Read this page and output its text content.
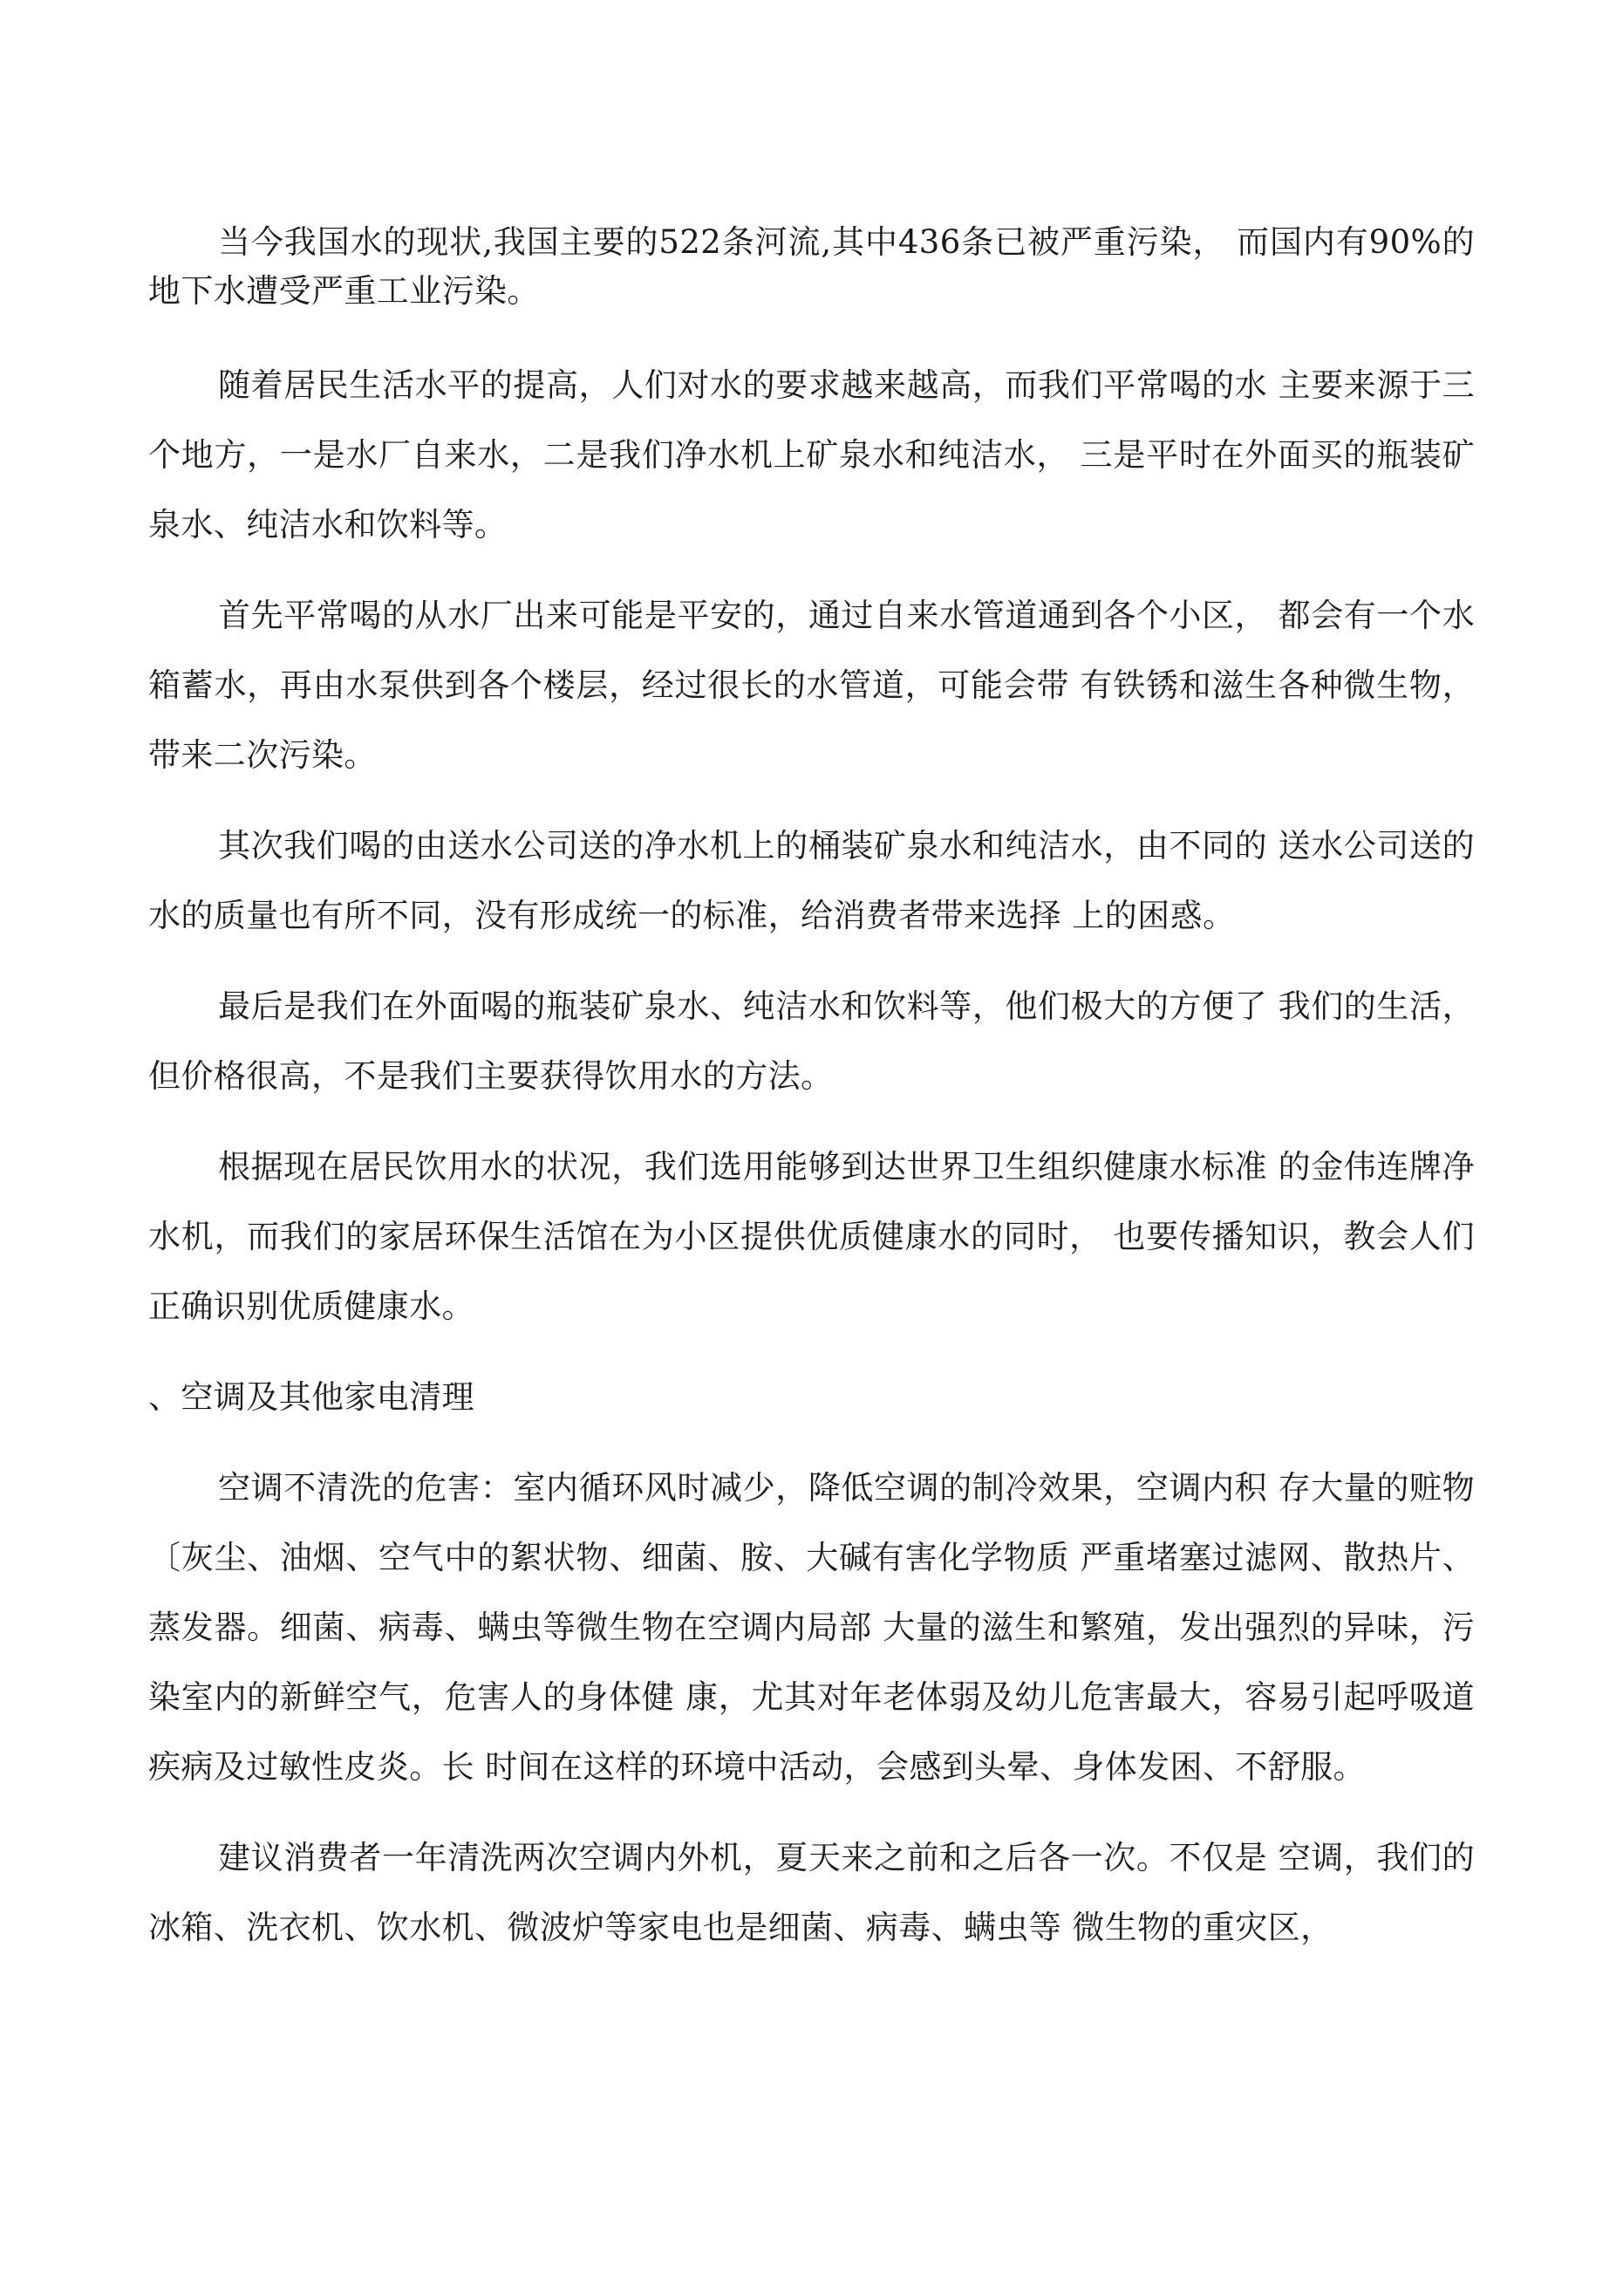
当今我国水的现状,我国主要的522条河流,其中436条已被严重污染， 而国内有90%的地下水遭受严重工业污染。

随着居民生活水平的提高，人们对水的要求越来越高，而我们平常喝的水 主要来源于三个地方，一是水厂自来水，二是我们净水机上矿泉水和纯洁水， 三是平时在外面买的瓶装矿泉水、纯洁水和饮料等。

首先平常喝的从水厂出来可能是平安的，通过自来水管道通到各个小区， 都会有一个水箱蓄水，再由水泵供到各个楼层，经过很长的水管道，可能会带 有铁锈和滋生各种微生物，带来二次污染。

其次我们喝的由送水公司送的净水机上的桶装矿泉水和纯洁水，由不同的 送水公司送的水的质量也有所不同，没有形成统一的标准，给消费者带来选择 上的困惑。

最后是我们在外面喝的瓶装矿泉水、纯洁水和饮料等，他们极大的方便了 我们的生活，但价格很高，不是我们主要获得饮用水的方法。

根据现在居民饮用水的状况，我们选用能够到达世界卫生组织健康水标准 的金伟连牌净水机，而我们的家居环保生活馆在为小区提供优质健康水的同时， 也要传播知识，教会人们正确识别优质健康水。

、空调及其他家电清理

空调不清洗的危害：室内循环风时减少，降低空调的制冷效果，空调内积 存大量的赃物〔灰尘、油烟、空气中的絮状物、细菌、胺、大碱有害化学物质 严重堵塞过滤网、散热片、蒸发器。细菌、病毒、螨虫等微生物在空调内局部 大量的滋生和繁殖，发出强烈的异味，污染室内的新鲜空气，危害人的身体健 康，尤其对年老体弱及幼儿危害最大，容易引起呼吸道疾病及过敏性皮炎。长 时间在这样的环境中活动，会感到头晕、身体发困、不舒服。

建议消费者一年清洗两次空调内外机，夏天来之前和之后各一次。不仅是 空调，我们的冰箱、洗衣机、饮水机、微波炉等家电也是细菌、病毒、螨虫等 微生物的重灾区，
